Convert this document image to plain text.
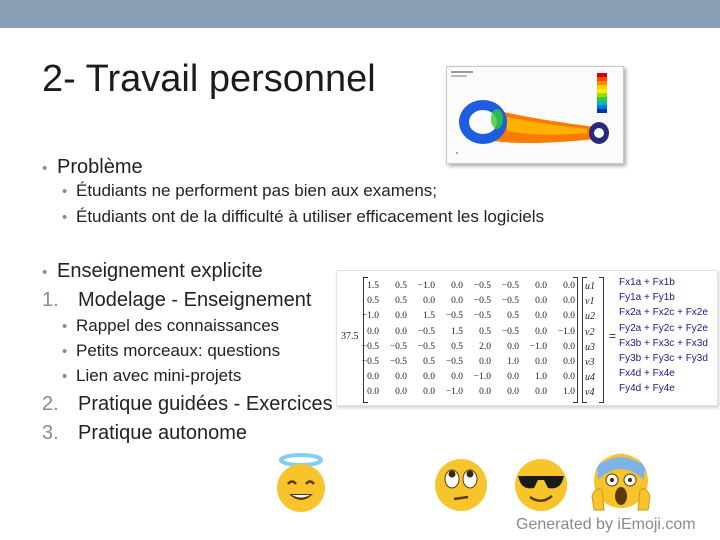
2- Travail personnel
• Problème
• Étudiants ne performent pas bien aux examens;
• Étudiants ont de la difficulté à utiliser efficacement les logiciels
• Enseignement explicite
1. Modelage - Enseignement
• Rappel des connaissances
• Petits morceaux: questions
• Lien avec mini-projets
2. Pratique guidées - Exercices
3. Pratique autonome
37.5
1.5	0.5	−1.0	0.0	−0.5	−0.5	0.0	0.0
0.5	0.5	0.0	0.0	−0.5	−0.5	0.0	0.0
−1.0	0.0	1.5	−0.5	−0.5	0.5	0.0	0.0
0.0	0.0	−0.5	1.5	0.5	−0.5	0.0	−1.0
−0.5	−0.5	−0.5	0.5	2.0	0.0	−1.0	0.0
−0.5	−0.5	0.5	−0.5	0.0	1.0	0.0	0.0
0.0	0.0	0.0	0.0	−1.0	0.0	1.0	0.0
0.0	0.0	0.0	−1.0	0.0	0.0	0.0	1.0
u1
v1
u2
v2
u3
v3
u4
v4
=
Fx1a + Fx1b
Fy1a + Fy1b
Fx2a + Fx2c + Fx2e
Fy2a + Fy2c + Fy2e
Fx3b + Fx3c + Fx3d
Fy3b + Fy3c + Fy3d
Fx4d + Fx4e
Fy4d + Fy4e
Generated by iEmoji.com
